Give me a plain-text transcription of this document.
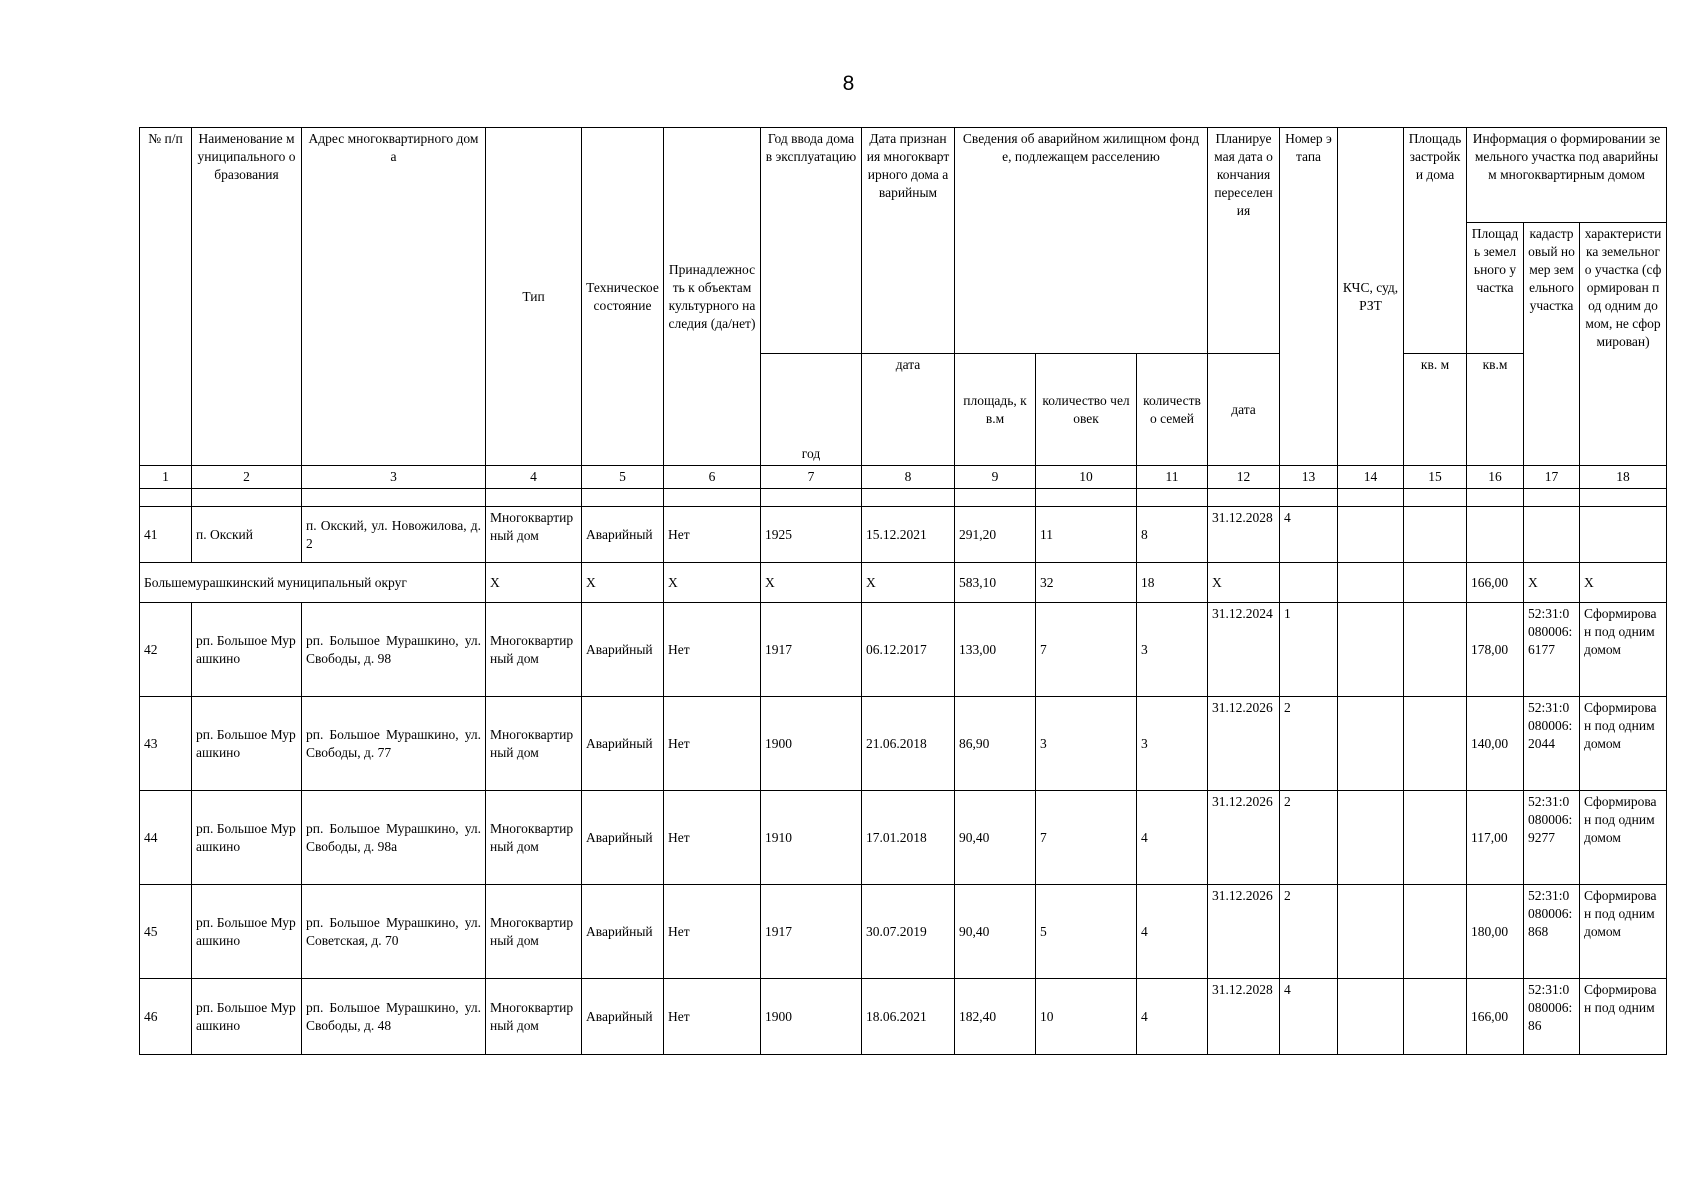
8
№ п/п	Наименование муниципального образования	Адрес многоквартирного дома	Тип	Техническое состояние	Принадлежность к объектам культурного наследия (да/нет)	Год ввода дома в эксплуатацию	Дата признания многоквартирного дома аварийным	Сведения об аварийном жилищном фонде, подлежащем расселению			Планируемая дата окончания переселения	Номер этапа	КЧС, суд, РЗТ	Площадь застройки дома	Информация о формировании земельного участка под аварийным многоквартирным домом		
															Площадь земельного участка	кадастровый номер земельного участка	характеристика земельного участка (сформирован под одним домом, не сформирован)
						год	дата	площадь, кв.м	количество человек	количество семей	дата			кв. м	кв.м		
1	2	3	4	5	6	7	8	9	10	11	12	13	14	15	16	17	18

41	п. Окский	п. Окский, ул. Новожилова, д. 2	Многоквартирный дом	Аварийный	Нет	1925	15.12.2021	291,20	11	8	31.12.2028	4					
Большемурашкинский муниципальный округ			X	X	X	X	X	583,10	32	18	X				166,00	X	X
42	рп. Большое Мурашкино	рп. Большое Мурашкино, ул. Свободы, д. 98	Многоквартирный дом	Аварийный	Нет	1917	06.12.2017	133,00	7	3	31.12.2024	1			178,00	52:31:0080006:6177	Сформирован под одним домом
43	рп. Большое Мурашкино	рп. Большое Мурашкино, ул. Свободы, д. 77	Многоквартирный дом	Аварийный	Нет	1900	21.06.2018	86,90	3	3	31.12.2026	2			140,00	52:31:0080006:2044	Сформирован под одним домом
44	рп. Большое Мурашкино	рп. Большое Мурашкино, ул. Свободы, д. 98а	Многоквартирный дом	Аварийный	Нет	1910	17.01.2018	90,40	7	4	31.12.2026	2			117,00	52:31:0080006:9277	Сформирован под одним домом
45	рп. Большое Мурашкино	рп. Большое Мурашкино, ул. Советская, д. 70	Многоквартирный дом	Аварийный	Нет	1917	30.07.2019	90,40	5	4	31.12.2026	2			180,00	52:31:0080006:868	Сформирован под одним домом
46	рп. Большое Мурашкино	рп. Большое Мурашкино, ул. Свободы, д. 48	Многоквартирный дом	Аварийный	Нет	1900	18.06.2021	182,40	10	4	31.12.2028	4			166,00	52:31:0080006:86	Сформирован под одним
